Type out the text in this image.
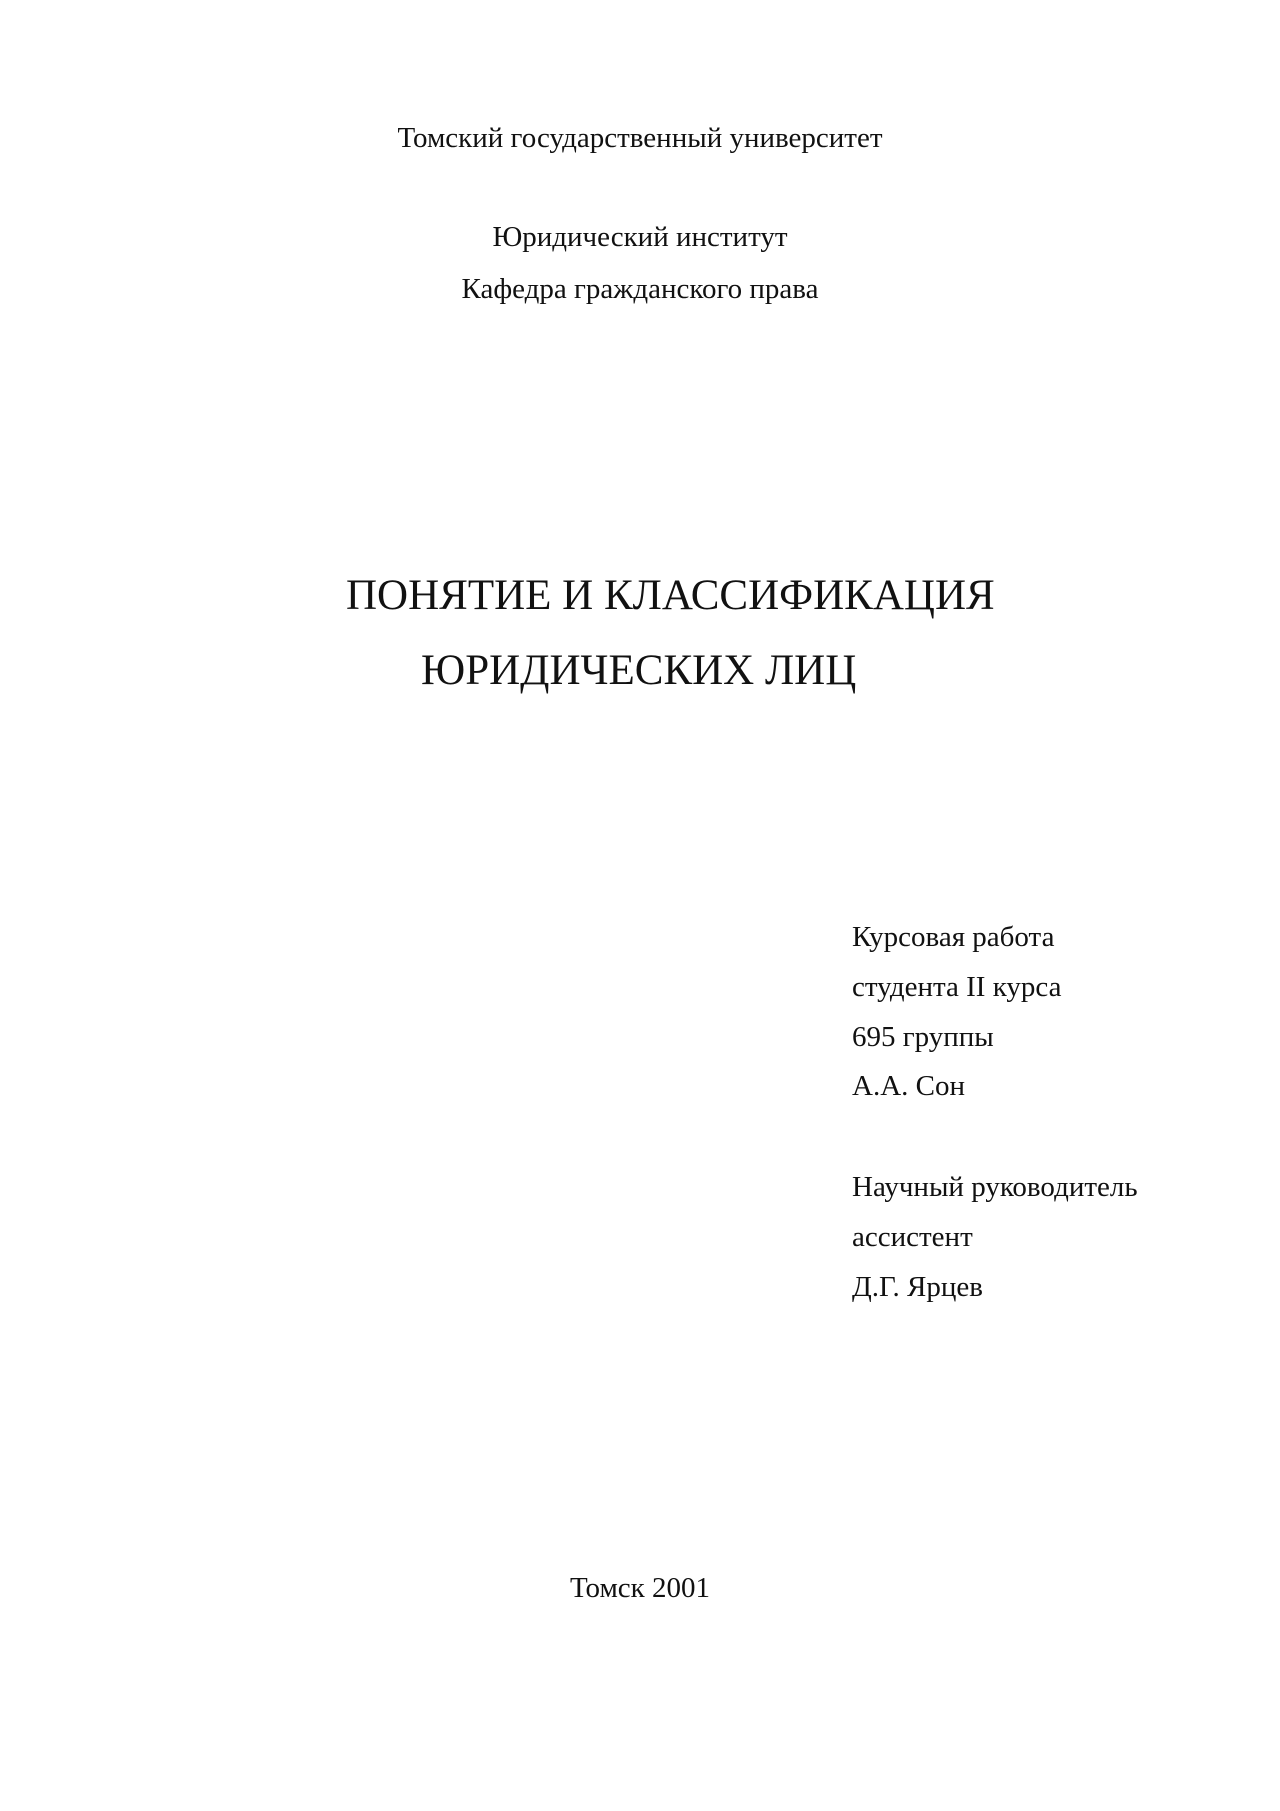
Томский государственный университет
Юридический институт
Кафедра гражданского права
ПОНЯТИЕ И КЛАССИФИКАЦИЯ
ЮРИДИЧЕСКИХ ЛИЦ
Курсовая работа
студента II курса
695 группы
А.А. Сон
Научный руководитель
ассистент
Д.Г. Ярцев
Томск 2001
